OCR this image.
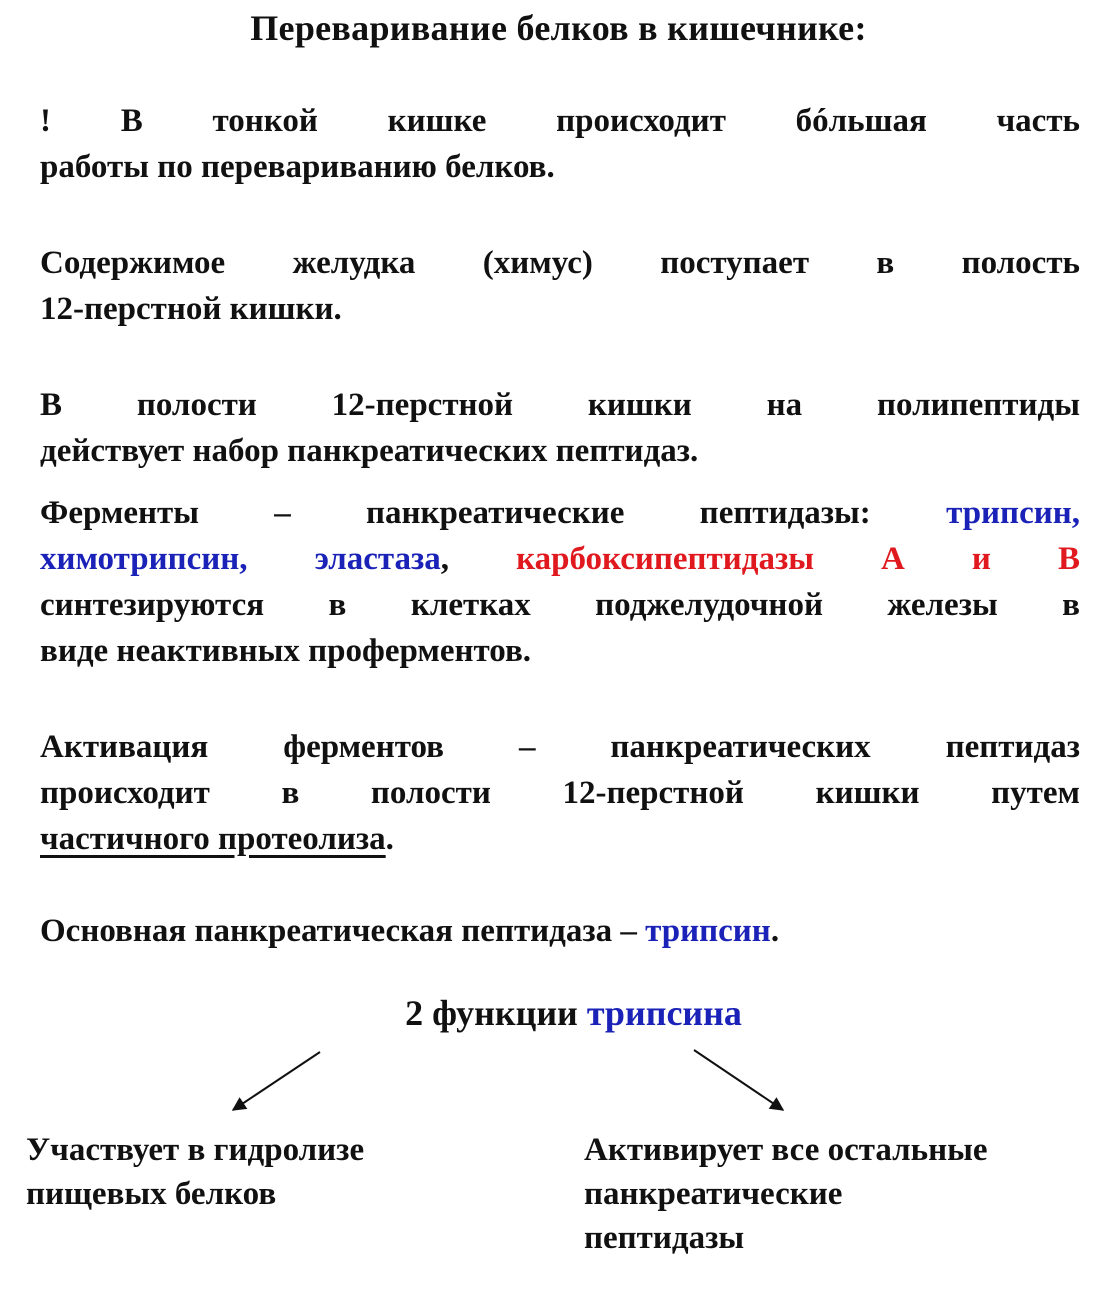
Переваривание белков в кишечнике:

! В тонкой кишке происходит бóльшая часть
работы по перевариванию белков.

Содержимое желудка (химус) поступает в полость
12-перстной кишки.

В полости 12-перстной кишки на полипептиды
действует набор панкреатических пептидаз.

Ферменты – панкреатические пептидазы: трипсин,
химотрипсин, эластаза, карбоксипептидазы А и В
синтезируются в клетках поджелудочной железы в
виде неактивных проферментов.

Активация ферментов – панкреатических пептидаз
происходит в полости 12-перстной кишки путем
частичного протеолиза.

Основная панкреатическая пептидаза – трипсин.

2 функции трипсина

Участвует в гидролизе
пищевых белков

Активирует все остальные
панкреатические
пептидазы
